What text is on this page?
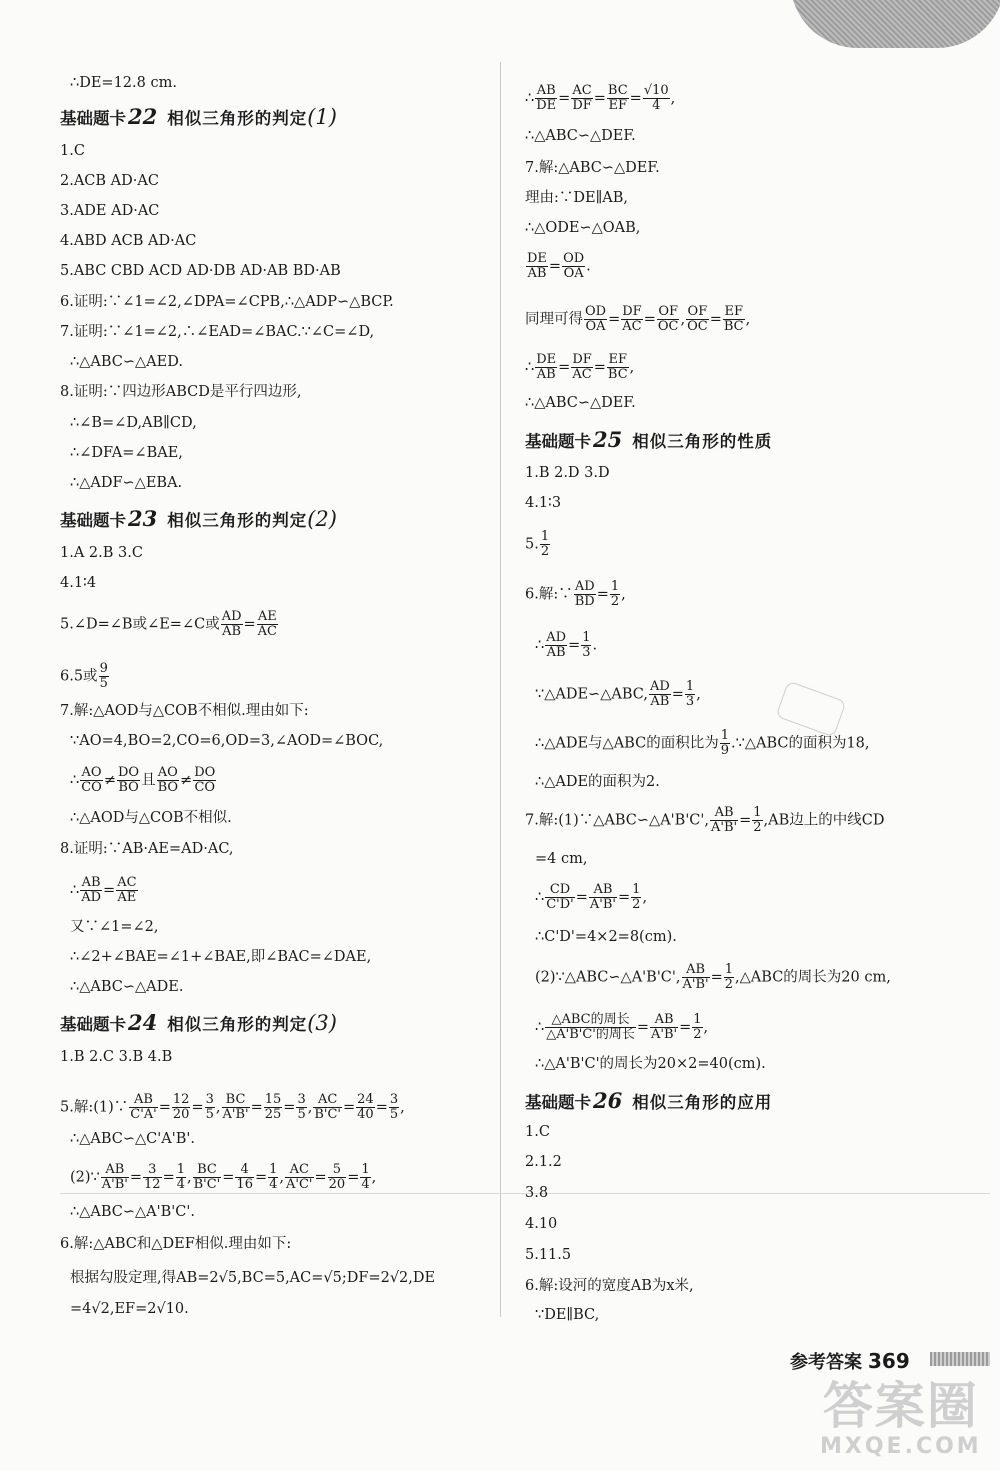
∴DE=12.8 cm.
基础题卡22 相似三角形的判定(1)
1.C
2.ACB AD·AC
3.ADE AD·AC
4.ABD ACB AD·AC
5.ABC CBD ACD AD·DB AD·AB BD·AB
6.证明:∵∠1=∠2,∠DPA=∠CPB,∴△ADP∽△BCP.
7.证明:∵∠1=∠2,∴∠EAD=∠BAC.∵∠C=∠D,
∴△ABC∽△AED.
8.证明:∵四边形ABCD是平行四边形,
∴∠B=∠D,AB∥CD,
∴∠DFA=∠BAE,
∴△ADF∽△EBA.
基础题卡23 相似三角形的判定(2)
1.A 2.B 3.C
4.1∶4
5.∠D=∠B或∠E=∠C或 $\frac{AD}{AB} = \frac{AE}{AC}$
6.5或 $\frac{9}{5}$
7.解:△AOD与△COB不相似.理由如下:
∵AO=4,BO=2,CO=6,OD=3,∠AOD=∠BOC,
∴ $\frac{AO}{CO} \ne \frac{DO}{BO}$ 且 $\frac{AO}{BO} \ne \frac{DO}{CO}$
∴△AOD与△COB不相似.
8.证明:∵AB·AE=AD·AC,
∴ $\frac{AB}{AD} = \frac{AC}{AE}$
又∵∠1=∠2,
∴∠2+∠BAE=∠1+∠BAE,即∠BAC=∠DAE,
∴△ABC∽△ADE.
基础题卡24 相似三角形的判定(3)
1.B 2.C 3.B 4.B
5.解:(1)∵ $\frac{AB}{C'A'} = \frac{12}{20} = \frac{3}{5}$ , $\frac{BC}{A'B'} = \frac{15}{25} = \frac{3}{5}$ , $\frac{AC}{B'C'} = \frac{24}{40} = \frac{3}{5}$ ,
∴△ABC∽△C'A'B'.
(2)∵ $\frac{AB}{A'B'} = \frac{3}{12} = \frac{1}{4}$ , $\frac{BC}{B'C'} = \frac{4}{16} = \frac{1}{4}$ , $\frac{AC}{A'C'} = \frac{5}{20} = \frac{1}{4}$ ,
∴△ABC∽△A'B'C'.
6.解:△ABC和△DEF相似.理由如下:
根据勾股定理,得AB=2√5,BC=5,AC=√5;DF=2√2,DE
=4√2,EF=2√10.
∴ $\frac{AB}{DE} = \frac{AC}{DF} = \frac{BC}{EF} = \frac{√10}{4}$ ,
∴△ABC∽△DEF.
7.解:△ABC∽△DEF.
理由:∵DE∥AB,
∴△ODE∽△OAB,
$\frac{DE}{AB} = \frac{OD}{OA}$ .
同理可得 $\frac{OD}{OA} = \frac{DF}{AC} = \frac{OF}{OC}$ , $\frac{OF}{OC} = \frac{EF}{BC}$ ,
∴ $\frac{DE}{AB} = \frac{DF}{AC} = \frac{EF}{BC}$ ,
∴△ABC∽△DEF.
基础题卡25 相似三角形的性质
1.B 2.D 3.D
4.1∶3
5. $\frac{1}{2}$
6.解:∵ $\frac{AD}{BD} = \frac{1}{2}$ ,
∴ $\frac{AD}{AB} = \frac{1}{3}$ .
∵△ADE∽△ABC, $\frac{AD}{AB} = \frac{1}{3}$ ,
∴△ADE与△ABC的面积比为 $\frac{1}{9}$ .∵△ABC的面积为18,
∴△ADE的面积为2.
7.解:(1)∵△ABC∽△A'B'C', $\frac{AB}{A'B'} = \frac{1}{2} ,AB$边上的中线CD
=4 cm,
∴ $\frac{CD}{C'D'} = \frac{AB}{A'B'} = \frac{1}{2}$ ,
∴C'D'=4×2=8(cm).
(2)∵△ABC∽△A'B'C', $\frac{AB}{A'B'} = \frac{1}{2}$ ,△ABC的周长为20 cm,
∴ $\frac{\text{△ABC的周长}}{\text{△A'B'C'的周长}} = \frac{AB}{A'B'} = \frac{1}{2}$ ,
∴△A'B'C'的周长为20×2=40(cm).
基础题卡26 相似三角形的应用
1.C
2.1.2
3.8
4.10
5.11.5
6.解:设河的宽度AB为x米,
∵DE∥BC,
参考答案 369
答案圈
MXQE.COM
